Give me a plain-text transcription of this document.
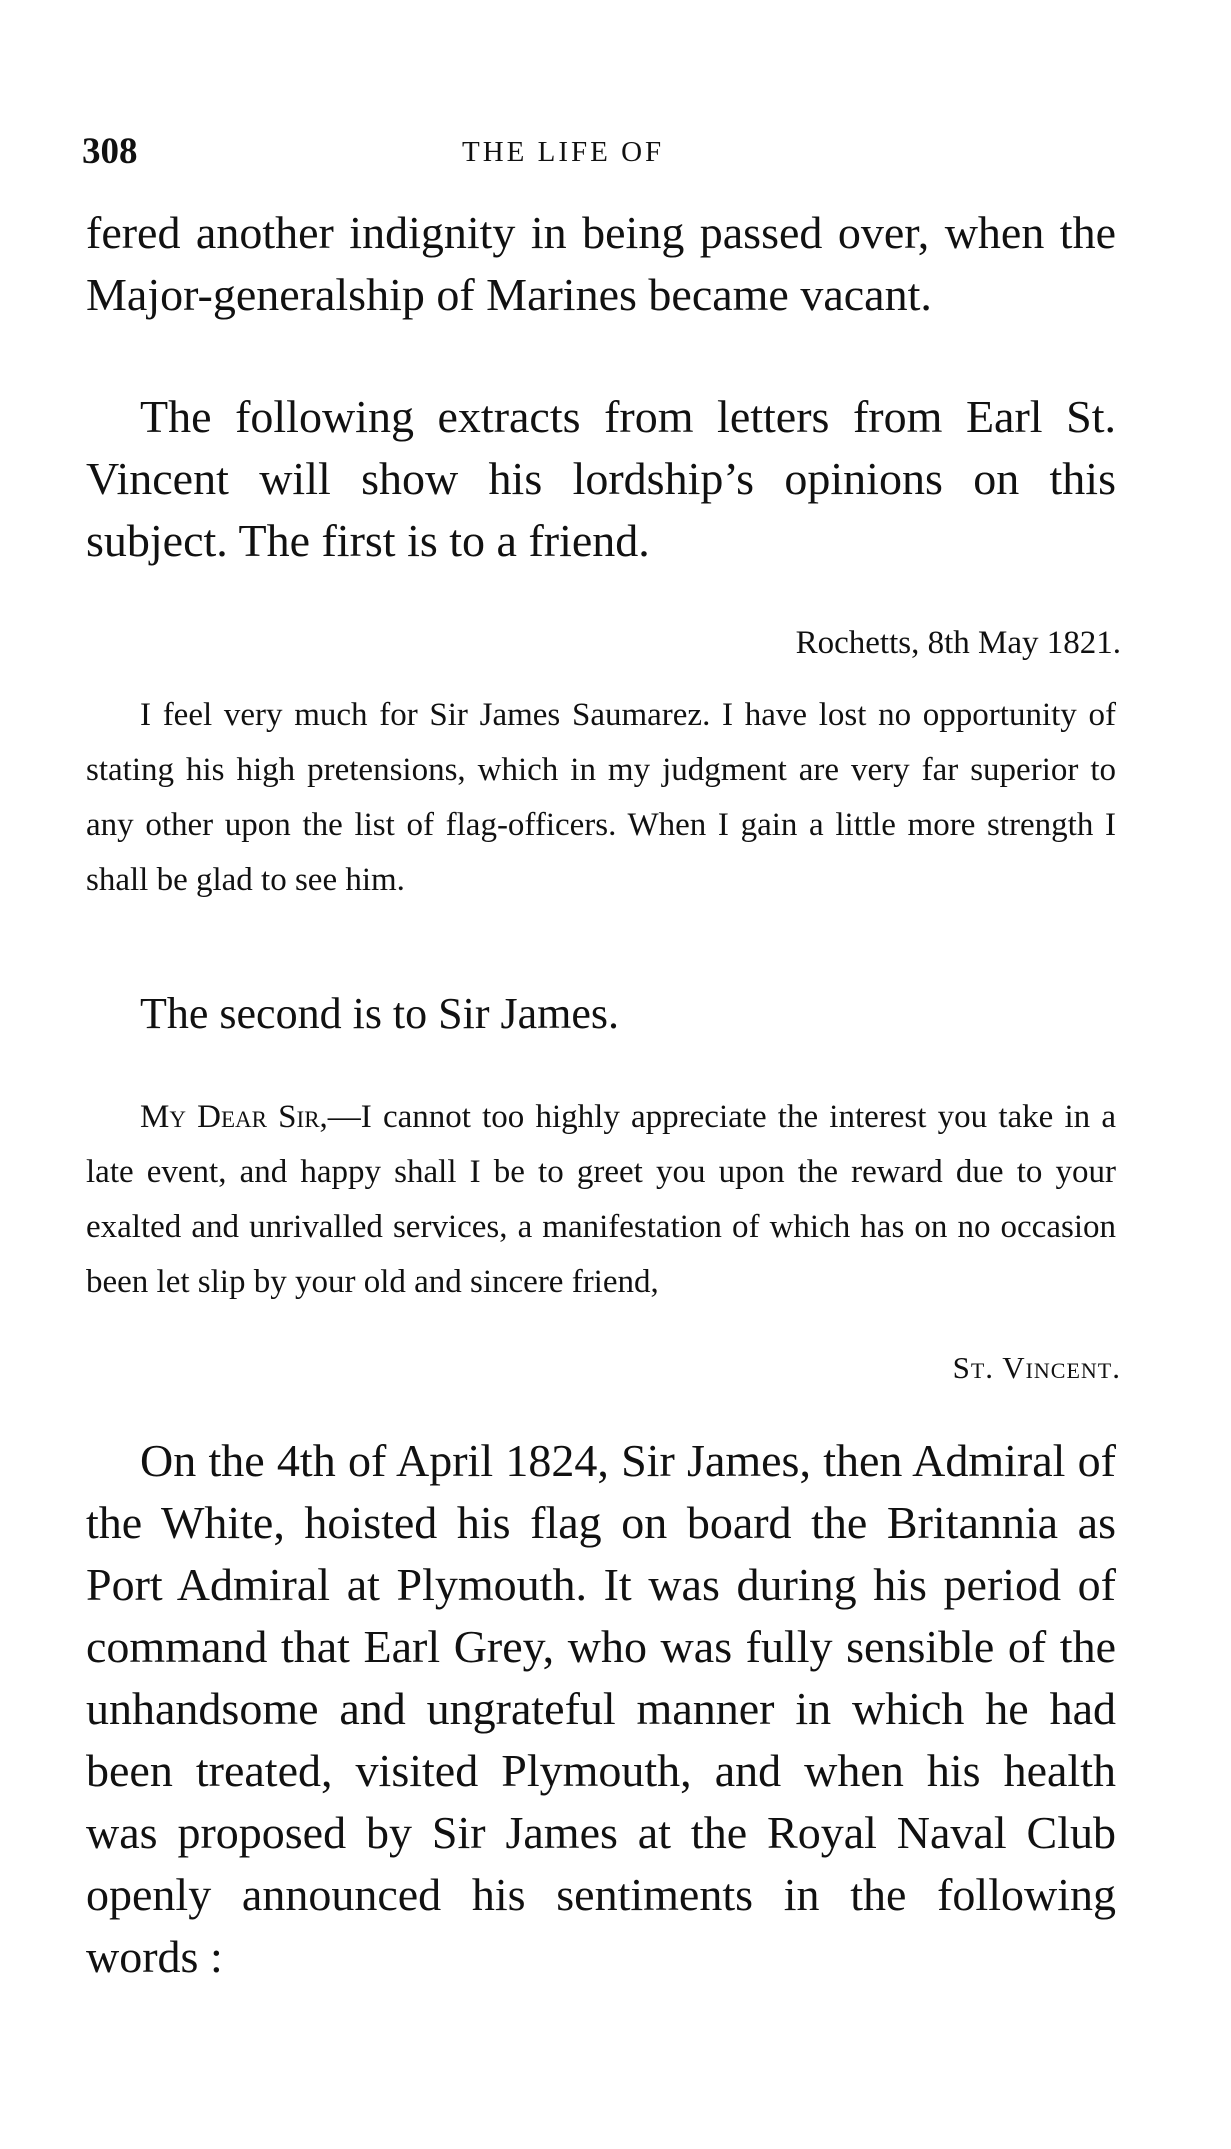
308	THE LIFE OF

fered another indignity in being passed over, when the Major-generalship of Marines became vacant.

The following extracts from letters from Earl St. Vincent will show his lordship’s opinions on this subject. The first is to a friend.

Rochetts, 8th May 1821.

I feel very much for Sir James Saumarez. I have lost no opportunity of stating his high pretensions, which in my judgment are very far superior to any other upon the list of flag-officers. When I gain a little more strength I shall be glad to see him.

The second is to Sir James.

My Dear Sir,—I cannot too highly appreciate the interest you take in a late event, and happy shall I be to greet you upon the reward due to your exalted and unrivalled services, a manifestation of which has on no occasion been let slip by your old and sincere friend,

St. Vincent.

On the 4th of April 1824, Sir James, then Admiral of the White, hoisted his flag on board the Britannia as Port Admiral at Plymouth. It was during his period of command that Earl Grey, who was fully sensible of the unhandsome and ungrateful manner in which he had been treated, visited Plymouth, and when his health was proposed by Sir James at the Royal Naval Club openly announced his sentiments in the following words :
